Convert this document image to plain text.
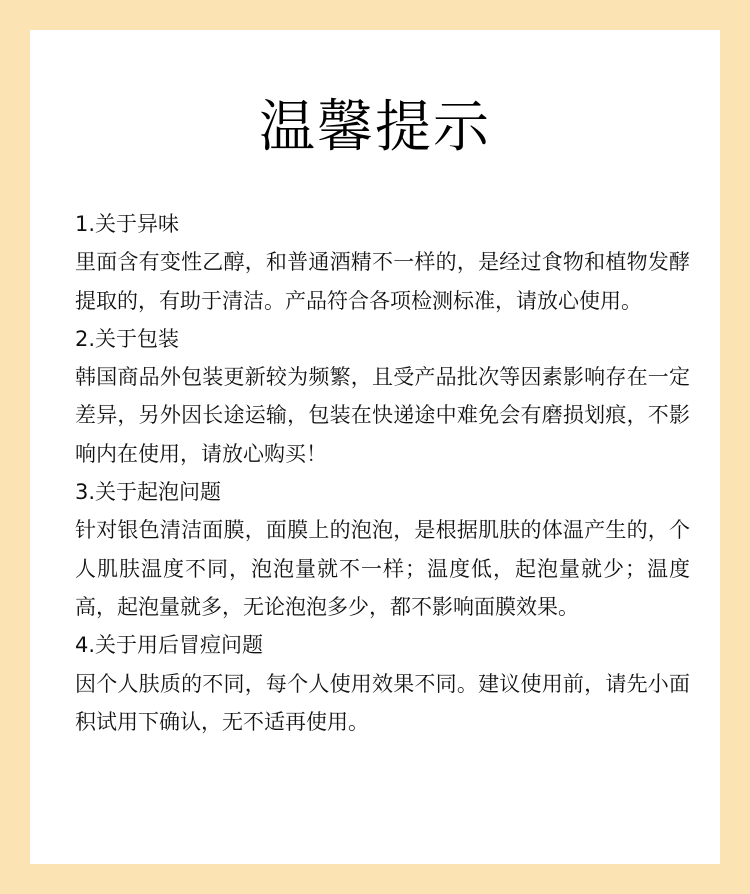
温馨提示
1.关于异味
里面含有变性乙醇，和普通酒精不一样的，是经过食物和植物发酵提取的，有助于清洁。产品符合各项检测标准，请放心使用。
2.关于包装
韩国商品外包装更新较为频繁，且受产品批次等因素影响存在一定差异，另外因长途运输，包装在快递途中难免会有磨损划痕，不影响内在使用，请放心购买！
3.关于起泡问题
针对银色清洁面膜，面膜上的泡泡，是根据肌肤的体温产生的，个人肌肤温度不同，泡泡量就不一样；温度低，起泡量就少；温度高，起泡量就多，无论泡泡多少，都不影响面膜效果。
4.关于用后冒痘问题
因个人肤质的不同，每个人使用效果不同。建议使用前，请先小面积试用下确认，无不适再使用。
